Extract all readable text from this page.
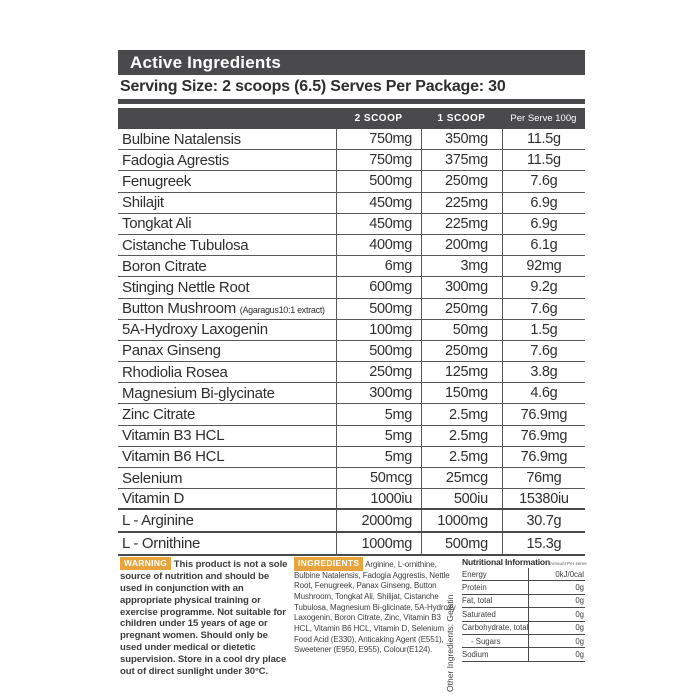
Active Ingredients
Serving Size: 2 scoops (6.5) Serves Per Package: 30
2 SCOOP	1 SCOOP	Per Serve 100g
Bulbine Natalensis	750mg	350mg	11.5g
Fadogia Agrestis	750mg	375mg	11.5g
Fenugreek	500mg	250mg	7.6g
Shilajit	450mg	225mg	6.9g
Tongkat Ali	450mg	225mg	6.9g
Cistanche Tubulosa	400mg	200mg	6.1g
Boron Citrate	6mg	3mg	92mg
Stinging Nettle Root	600mg	300mg	9.2g
Button Mushroom (Agaragus10:1 extract)	500mg	250mg	7.6g
5A-Hydroxy Laxogenin	100mg	50mg	1.5g
Panax Ginseng	500mg	250mg	7.6g
Rhodiolia Rosea	250mg	125mg	3.8g
Magnesium Bi-glycinate	300mg	150mg	4.6g
Zinc Citrate	5mg	2.5mg	76.9mg
Vitamin B3 HCL	5mg	2.5mg	76.9mg
Vitamin B6 HCL	5mg	2.5mg	76.9mg
Selenium	50mcg	25mcg	76mg
Vitamin D	1000iu	500iu	15380iu
L - Arginine	2000mg	1000mg	30.7g
L - Ornithine	1000mg	500mg	15.3g

WARNING This product is not a sole source of nutrition and should be used in conjunction with an appropriate physical training or exercise programme. Not suitable for children under 15 years of age or pregnant women. Should only be used under medical or dietetic supervision. Store in a cool dry place out of direct sunlight under 30°C.

INGREDIENTS Arginine, L-ornithine, Bulbine Natalensis, Fadogia Aggrestis, Nettle Root, Fenugreek, Panax Ginseng, Button Mushroom, Tongkat Ali, Shilijat, Cistanche Tubulosa, Magnesium Bi-glicinate, 5A-Hydroxy Laxogenin, Boron Citrate, Zinc, Vitamin B3 HCL, Vitamin B6 HCL, Vitamin D, Selenium Food Acid (E330), Anticaking Agent (E551), Sweetener (E950, E955), Colour(E124).	Other Ingredients: Gelatin
Nutritional Information Amount Per serve
Energy	0kJ/0cal
Protein	0g
Fat, total	0g
Saturated	0g
Carbohydrate, total	0g
- Sugars	0g
Sodium	0g
